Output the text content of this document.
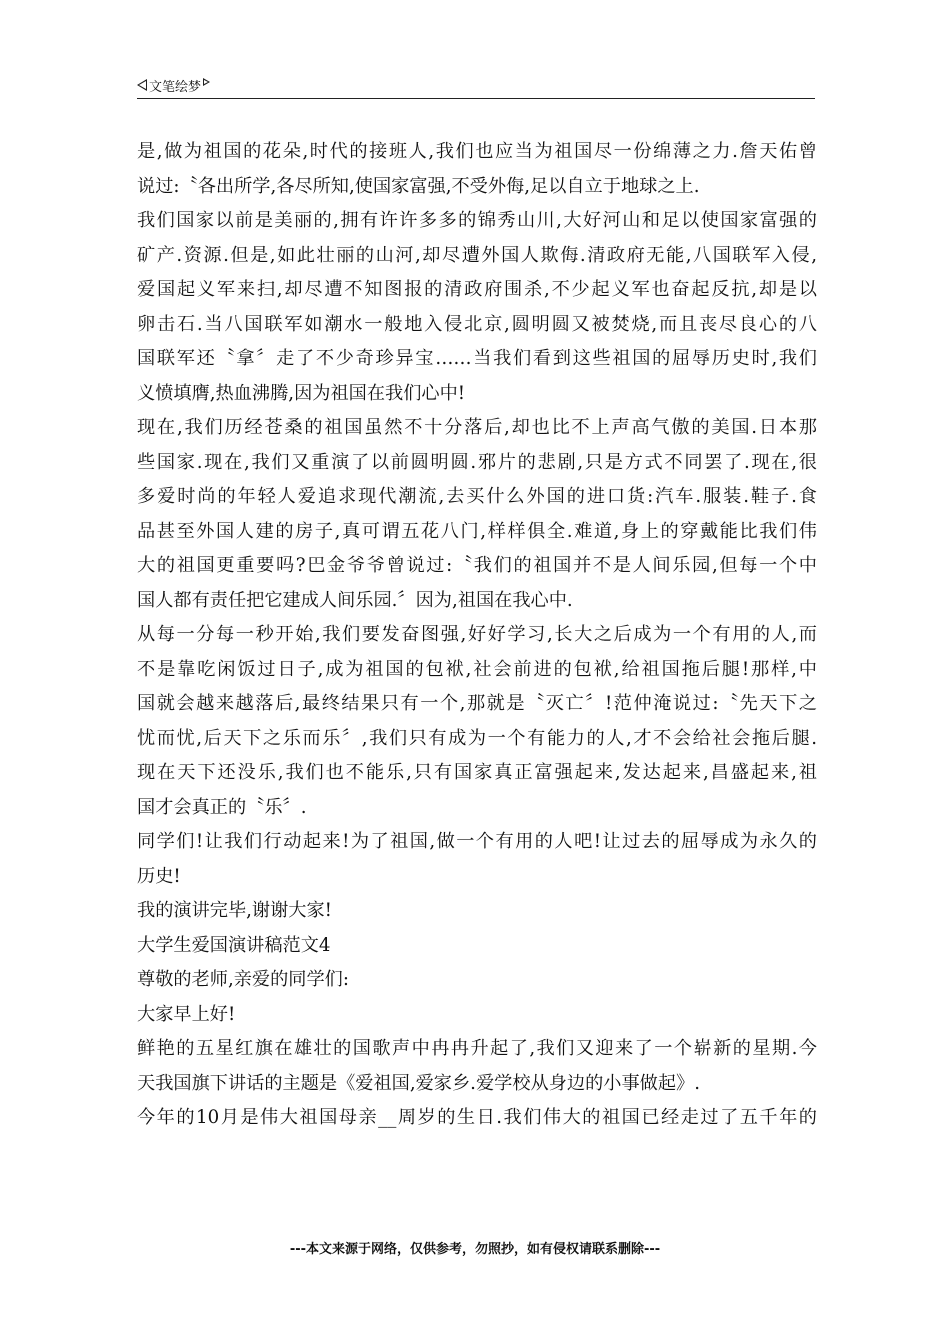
文笔绘梦
是,做为祖国的花朵,时代的接班人,我们也应当为祖国尽一份绵薄之力.詹天佑曾
说过:〝各出所学,各尽所知,使国家富强,不受外侮,足以自立于地球之上.
我们国家以前是美丽的,拥有许许多多的锦秀山川,大好河山和足以使国家富强的
矿产.资源.但是,如此壮丽的山河,却尽遭外国人欺侮.清政府无能,八国联军入侵,
爱国起义军来扫,却尽遭不知图报的清政府围杀,不少起义军也奋起反抗,却是以
卵击石.当八国联军如潮水一般地入侵北京,圆明圆又被焚烧,而且丧尽良心的八
国联军还〝拿〞走了不少奇珍异宝……当我们看到这些祖国的屈辱历史时,我们
义愤填膺,热血沸腾,因为祖国在我们心中!
现在,我们历经苍桑的祖国虽然不十分落后,却也比不上声高气傲的美国.日本那
些国家.现在,我们又重演了以前圆明圆.邪片的悲剧,只是方式不同罢了.现在,很
多爱时尚的年轻人爱追求现代潮流,去买什么外国的进口货:汽车.服装.鞋子.食
品甚至外国人建的房子,真可谓五花八门,样样俱全.难道,身上的穿戴能比我们伟
大的祖国更重要吗?巴金爷爷曾说过:〝我们的祖国并不是人间乐园,但每一个中
国人都有责任把它建成人间乐园.〞因为,祖国在我心中.
从每一分每一秒开始,我们要发奋图强,好好学习,长大之后成为一个有用的人,而
不是靠吃闲饭过日子,成为祖国的包袱,社会前进的包袱,给祖国拖后腿!那样,中
国就会越来越落后,最终结果只有一个,那就是〝灭亡〞!范仲淹说过:〝先天下之
忧而忧,后天下之乐而乐〞,我们只有成为一个有能力的人,才不会给社会拖后腿.
现在天下还没乐,我们也不能乐,只有国家真正富强起来,发达起来,昌盛起来,祖
国才会真正的〝乐〞.
同学们!让我们行动起来!为了祖国,做一个有用的人吧!让过去的屈辱成为永久的
历史!
我的演讲完毕,谢谢大家!
大学生爱国演讲稿范文4
尊敬的老师,亲爱的同学们:
大家早上好!
鲜艳的五星红旗在雄壮的国歌声中冉冉升起了,我们又迎来了一个崭新的星期.今
天我国旗下讲话的主题是《爱祖国,爱家乡.爱学校从身边的小事做起》.
今年的10月是伟大祖国母亲__周岁的生日.我们伟大的祖国已经走过了五千年的
---本文来源于网络，仅供参考，勿照抄，如有侵权请联系删除---
